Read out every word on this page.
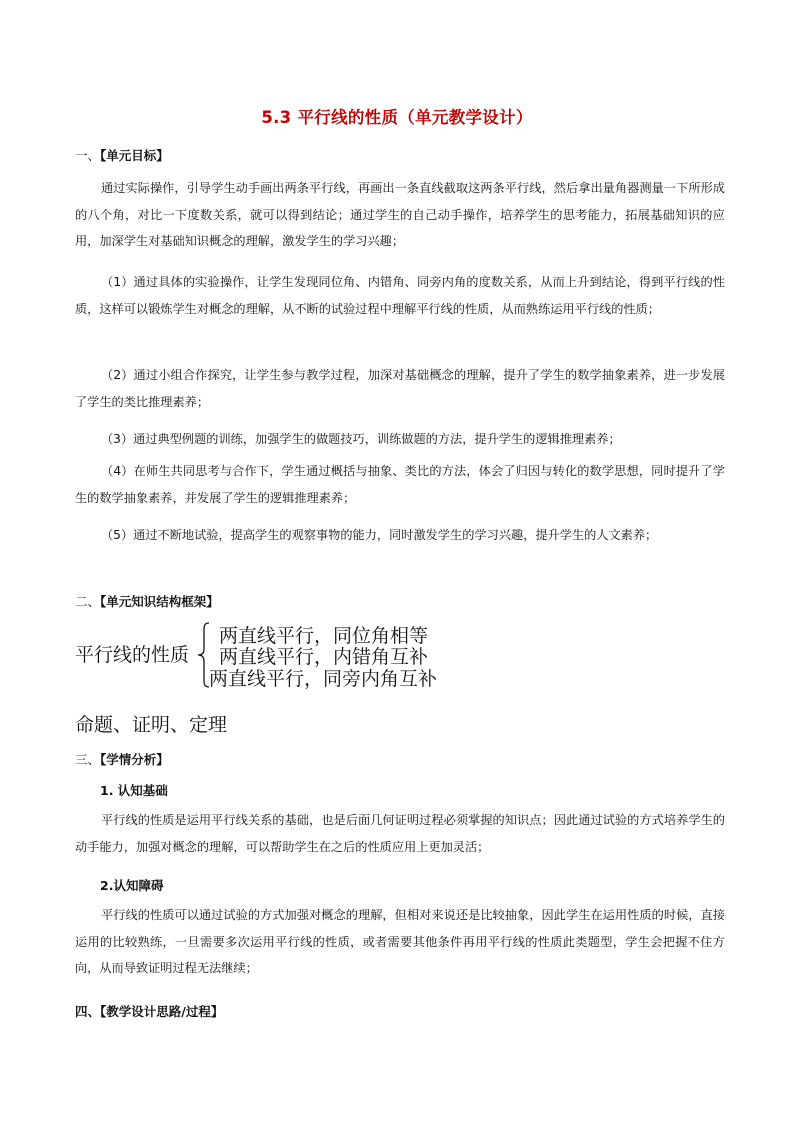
5.3 平行线的性质（单元教学设计）
一、【单元目标】

通过实际操作，引导学生动手画出两条平行线，再画出一条直线截取这两条平行线，然后拿出量角器测量一下所形成的八个角，对比一下度数关系，就可以得到结论；通过学生的自己动手操作，培养学生的思考能力，拓展基础知识的应用，加深学生对基础知识概念的理解，激发学生的学习兴趣；

（1）通过具体的实验操作，让学生发现同位角、内错角、同旁内角的度数关系，从而上升到结论，得到平行线的性质，这样可以锻炼学生对概念的理解，从不断的试验过程中理解平行线的性质，从而熟练运用平行线的性质；

（2）通过小组合作探究，让学生参与教学过程，加深对基础概念的理解，提升了学生的数学抽象素养，进一步发展了学生的类比推理素养；

（3）通过典型例题的训练，加强学生的做题技巧，训练做题的方法，提升学生的逻辑推理素养；

（4）在师生共同思考与合作下，学生通过概括与抽象、类比的方法，体会了归因与转化的数学思想，同时提升了学生的数学抽象素养，并发展了学生的逻辑推理素养；

（5）通过不断地试验，提高学生的观察事物的能力，同时激发学生的学习兴趣，提升学生的人文素养；

二、【单元知识结构框架】
平行线的性质
两直线平行，同位角相等
两直线平行，内错角互补
两直线平行，同旁内角互补
命题、证明、定理
三、【学情分析】
1. 认知基础

平行线的性质是运用平行线关系的基础，也是后面几何证明过程必须掌握的知识点；因此通过试验的方式培养学生的动手能力，加强对概念的理解，可以帮助学生在之后的性质应用上更加灵活；

2.认知障碍

平行线的性质可以通过试验的方式加强对概念的理解，但相对来说还是比较抽象，因此学生在运用性质的时候，直接运用的比较熟练，一旦需要多次运用平行线的性质，或者需要其他条件再用平行线的性质此类题型，学生会把握不住方向，从而导致证明过程无法继续；

四、【教学设计思路/过程】
